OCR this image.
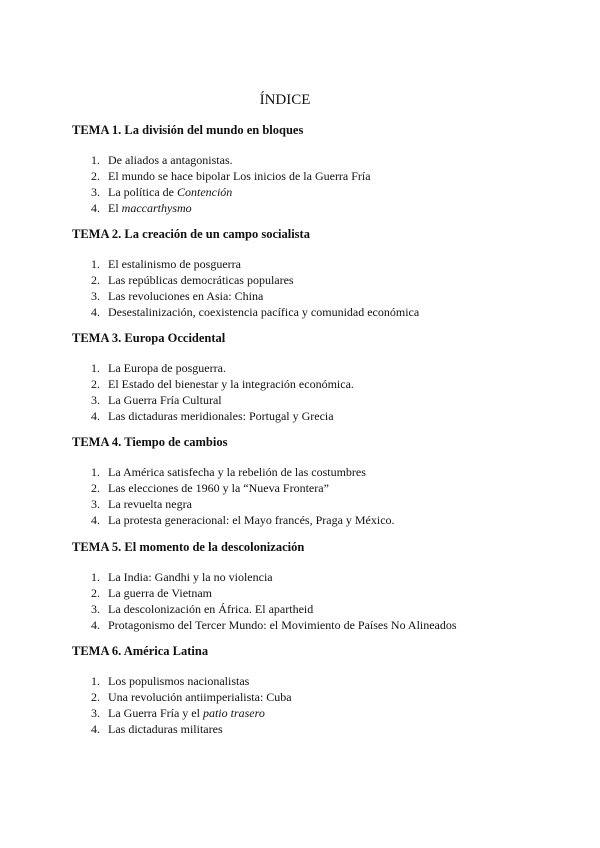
ÍNDICE
TEMA 1. La división del mundo en bloques
1. De aliados a antagonistas.
2. El mundo se hace bipolar Los inicios de la Guerra Fría
3. La política de Contención
4. El maccarthysmo
TEMA 2. La creación de un campo socialista
1. El estalinismo de posguerra
2. Las repúblicas democráticas populares
3. Las revoluciones en Asia: China
4. Desestalinización, coexistencia pacífica y comunidad económica
TEMA 3. Europa Occidental
1. La Europa de posguerra.
2. El Estado del bienestar y la integración económica.
3. La Guerra Fría Cultural
4. Las dictaduras meridionales: Portugal y Grecia
TEMA 4. Tiempo de cambios
1. La América satisfecha y la rebelión de las costumbres
2. Las elecciones de 1960 y la “Nueva Frontera”
3. La revuelta negra
4. La protesta generacional: el Mayo francés, Praga y México.
TEMA 5. El momento de la descolonización
1. La India: Gandhi y la no violencia
2. La guerra de Vietnam
3. La descolonización en África. El apartheid
4. Protagonismo del Tercer Mundo: el Movimiento de Países No Alineados
TEMA 6. América Latina
1. Los populismos nacionalistas
2. Una revolución antiimperialista: Cuba
3. La Guerra Fría y el patio trasero
4. Las dictaduras militares
